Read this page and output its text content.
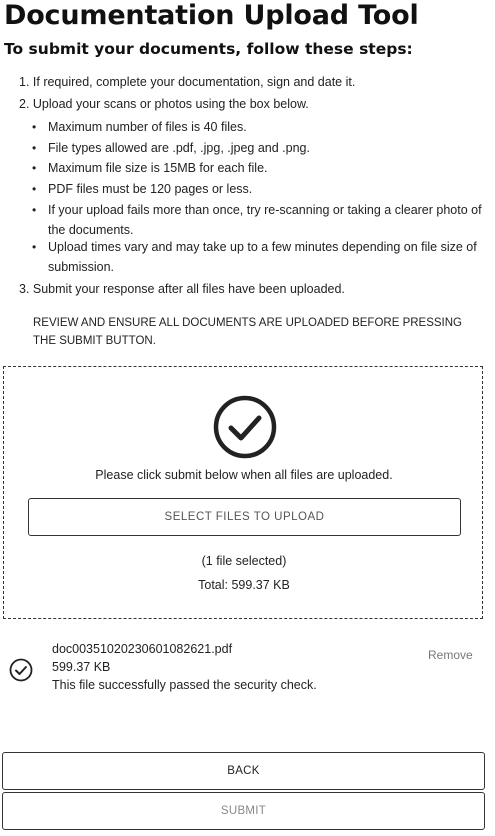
Documentation Upload Tool
To submit your documents, follow these steps:
1. If required, complete your documentation, sign and date it.
2. Upload your scans or photos using the box below.
• Maximum number of files is 40 files.
• File types allowed are .pdf, .jpg, .jpeg and .png.
• Maximum file size is 15MB for each file.
• PDF files must be 120 pages or less.
• If your upload fails more than once, try re-scanning or taking a clearer photo of the documents.
• Upload times vary and may take up to a few minutes depending on file size of submission.
3. Submit your response after all files have been uploaded.
REVIEW AND ENSURE ALL DOCUMENTS ARE UPLOADED BEFORE PRESSING THE SUBMIT BUTTON.
Please click submit below when all files are uploaded.
SELECT FILES TO UPLOAD
(1 file selected)
Total: 599.37 KB
doc00351020230601082621.pdf
599.37 KB
This file successfully passed the security check.
Remove
BACK
SUBMIT
